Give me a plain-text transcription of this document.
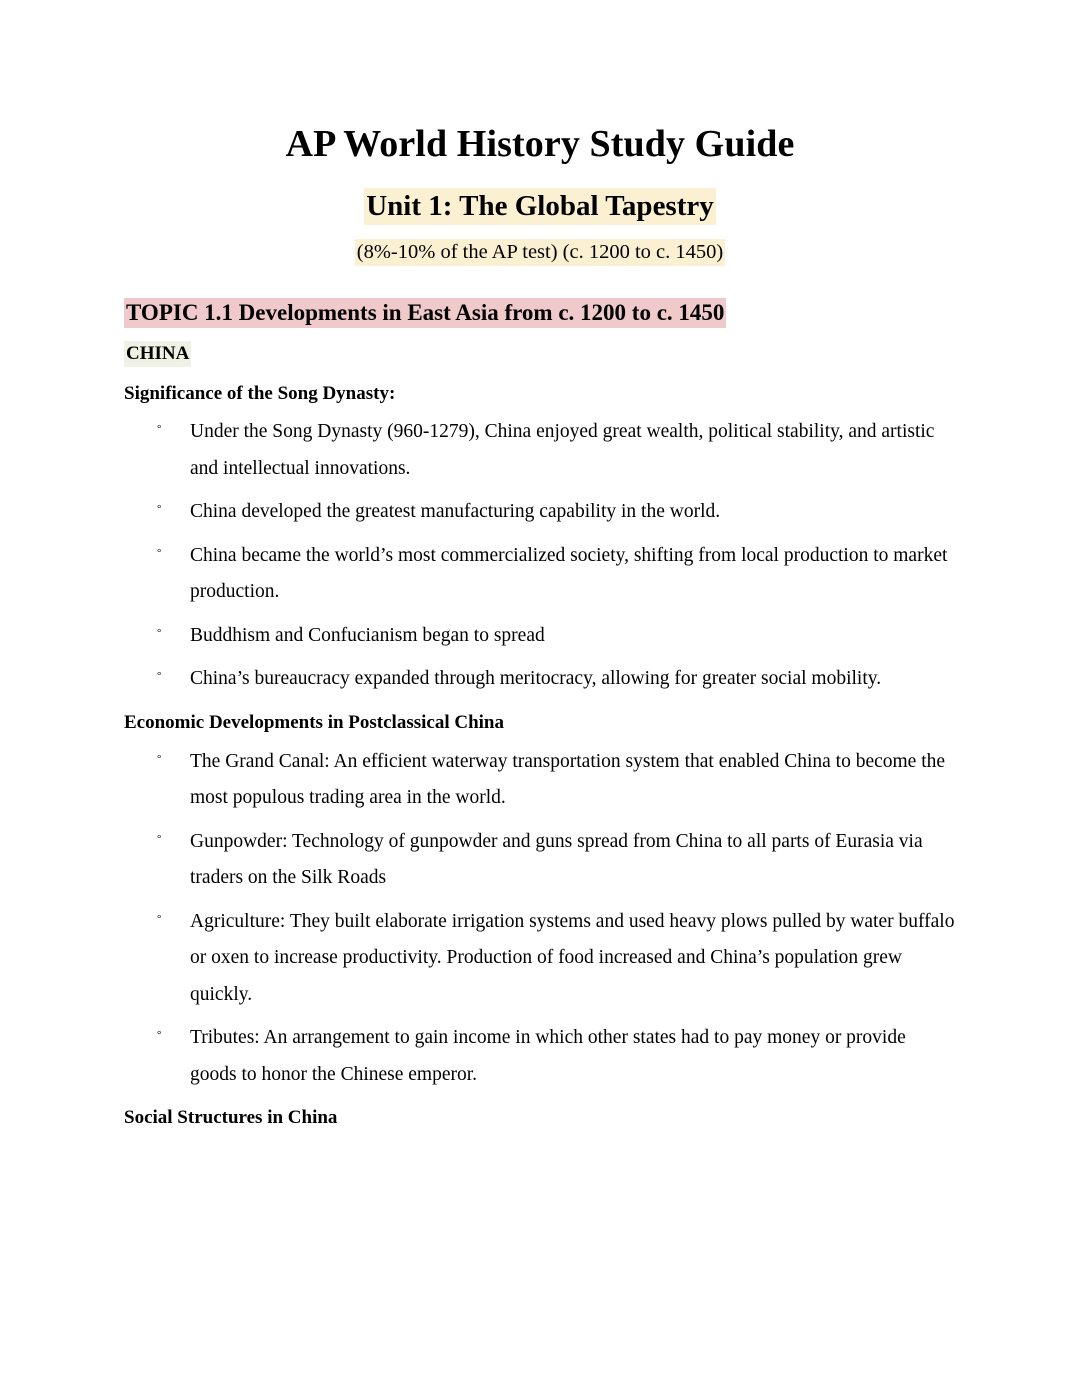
AP World History Study Guide

Unit 1: The Global Tapestry

(8%-10% of the AP test) (c. 1200 to c. 1450)

TOPIC 1.1 Developments in East Asia from c. 1200 to c. 1450

CHINA

Significance of the Song Dynasty:
° Under the Song Dynasty (960-1279), China enjoyed great wealth, political stability, and artistic and intellectual innovations.
° China developed the greatest manufacturing capability in the world.
° China became the world’s most commercialized society, shifting from local production to market production.
° Buddhism and Confucianism began to spread
° China’s bureaucracy expanded through meritocracy, allowing for greater social mobility.
Economic Developments in Postclassical China
° The Grand Canal: An efficient waterway transportation system that enabled China to become the most populous trading area in the world.
° Gunpowder: Technology of gunpowder and guns spread from China to all parts of Eurasia via traders on the Silk Roads
° Agriculture: They built elaborate irrigation systems and used heavy plows pulled by water buffalo or oxen to increase productivity. Production of food increased and China’s population grew quickly.
° Tributes: An arrangement to gain income in which other states had to pay money or provide goods to honor the Chinese emperor.
Social Structures in China
